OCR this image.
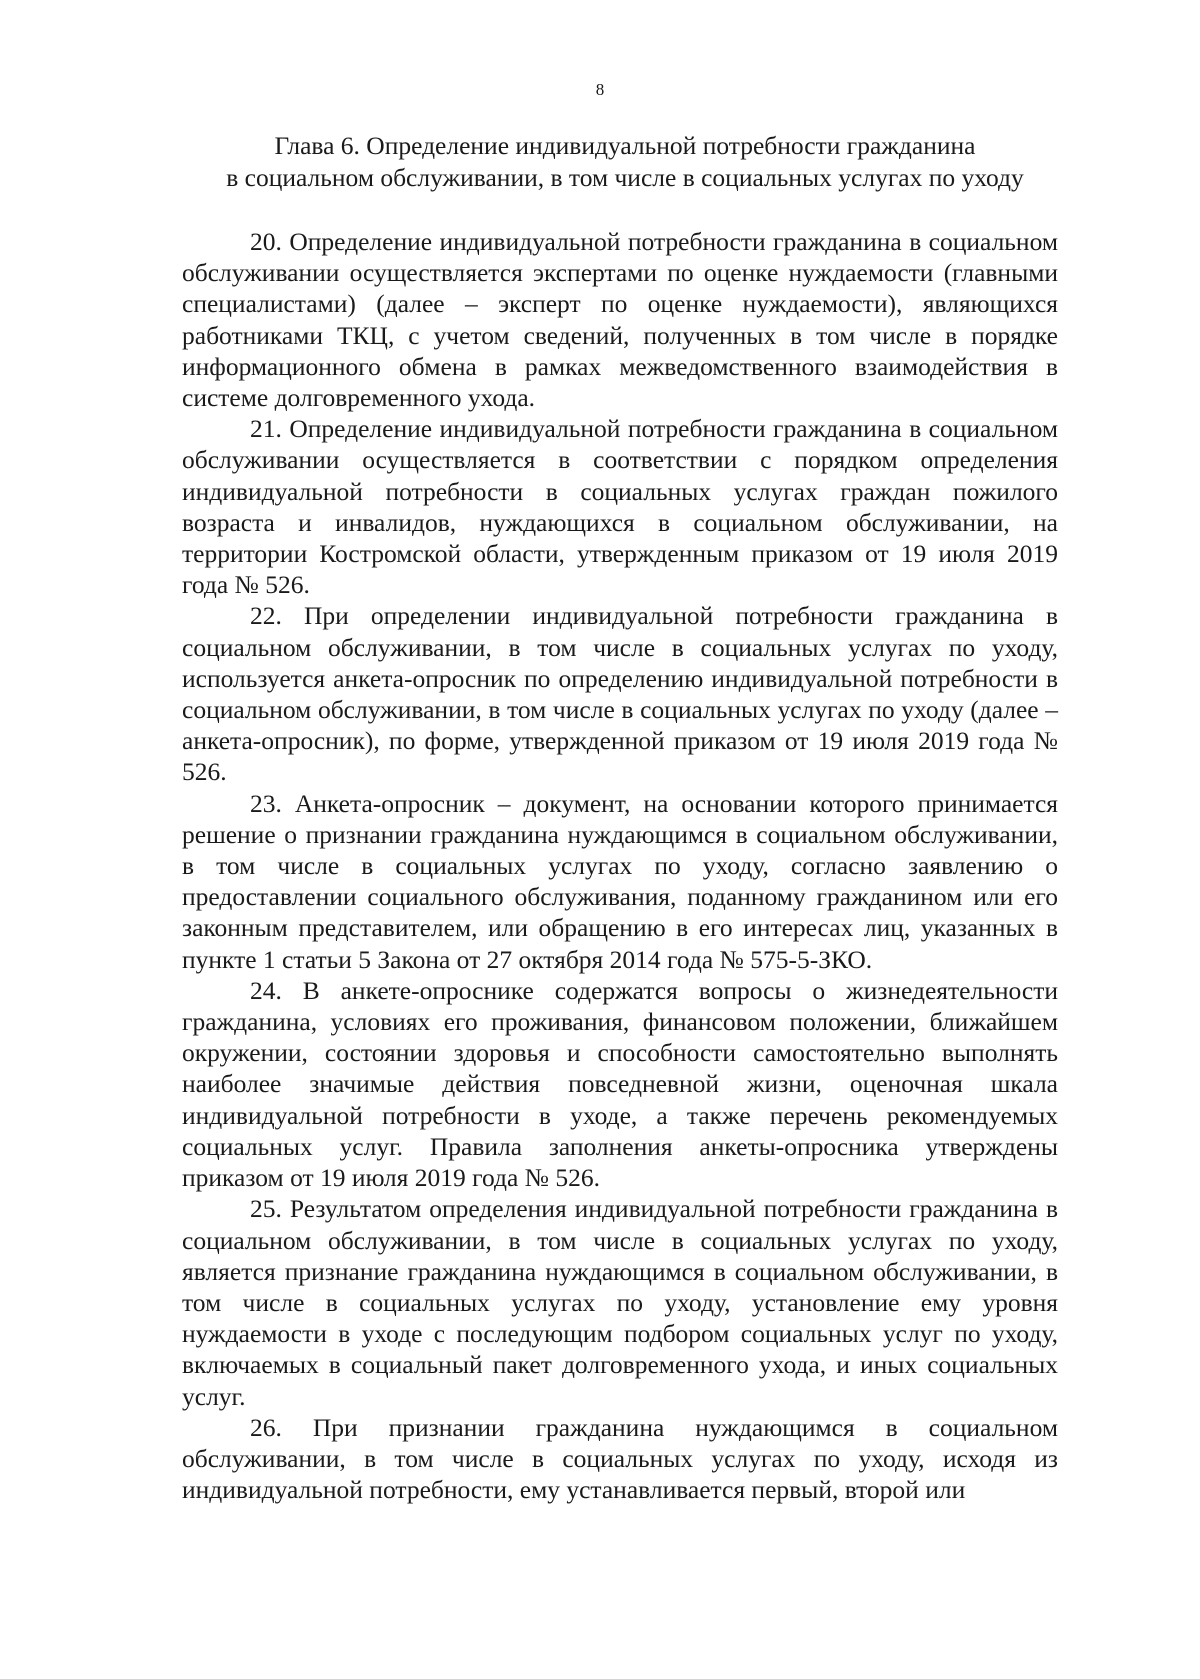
8
Глава 6. Определение индивидуальной потребности гражданина
в социальном обслуживании, в том числе в социальных услугах по уходу

20. Определение индивидуальной потребности гражданина в социальном обслуживании осуществляется экспертами по оценке нуждаемости (главными специалистами) (далее – эксперт по оценке нуждаемости), являющихся работниками ТКЦ, с учетом сведений, полученных в том числе в порядке информационного обмена в рамках межведомственного взаимодействия в системе долговременного ухода.

21. Определение индивидуальной потребности гражданина в социальном обслуживании осуществляется в соответствии с порядком определения индивидуальной потребности в социальных услугах граждан пожилого возраста и инвалидов, нуждающихся в социальном обслуживании, на территории Костромской области, утвержденным приказом от 19 июля 2019 года № 526.

22. При определении индивидуальной потребности гражданина в социальном обслуживании, в том числе в социальных услугах по уходу, используется анкета-опросник по определению индивидуальной потребности в социальном обслуживании, в том числе в социальных услугах по уходу (далее – анкета-опросник), по форме, утвержденной приказом от 19 июля 2019 года № 526.

23. Анкета-опросник – документ, на основании которого принимается решение о признании гражданина нуждающимся в социальном обслуживании, в том числе в социальных услугах по уходу, согласно заявлению о предоставлении социального обслуживания, поданному гражданином или его законным представителем, или обращению в его интересах лиц, указанных в пункте 1 статьи 5 Закона от 27 октября 2014 года № 575-5-ЗКО.

24. В анкете-опроснике содержатся вопросы о жизнедеятельности гражданина, условиях его проживания, финансовом положении, ближайшем окружении, состоянии здоровья и способности самостоятельно выполнять наиболее значимые действия повседневной жизни, оценочная шкала индивидуальной потребности в уходе, а также перечень рекомендуемых социальных услуг. Правила заполнения анкеты-опросника утверждены приказом от 19 июля 2019 года № 526.

25. Результатом определения индивидуальной потребности гражданина в социальном обслуживании, в том числе в социальных услугах по уходу, является признание гражданина нуждающимся в социальном обслуживании, в том числе в социальных услугах по уходу, установление ему уровня нуждаемости в уходе с последующим подбором социальных услуг по уходу, включаемых в социальный пакет долговременного ухода, и иных социальных услуг.

26. При признании гражданина нуждающимся в социальном обслуживании, в том числе в социальных услугах по уходу, исходя из индивидуальной потребности, ему устанавливается первый, второй или
